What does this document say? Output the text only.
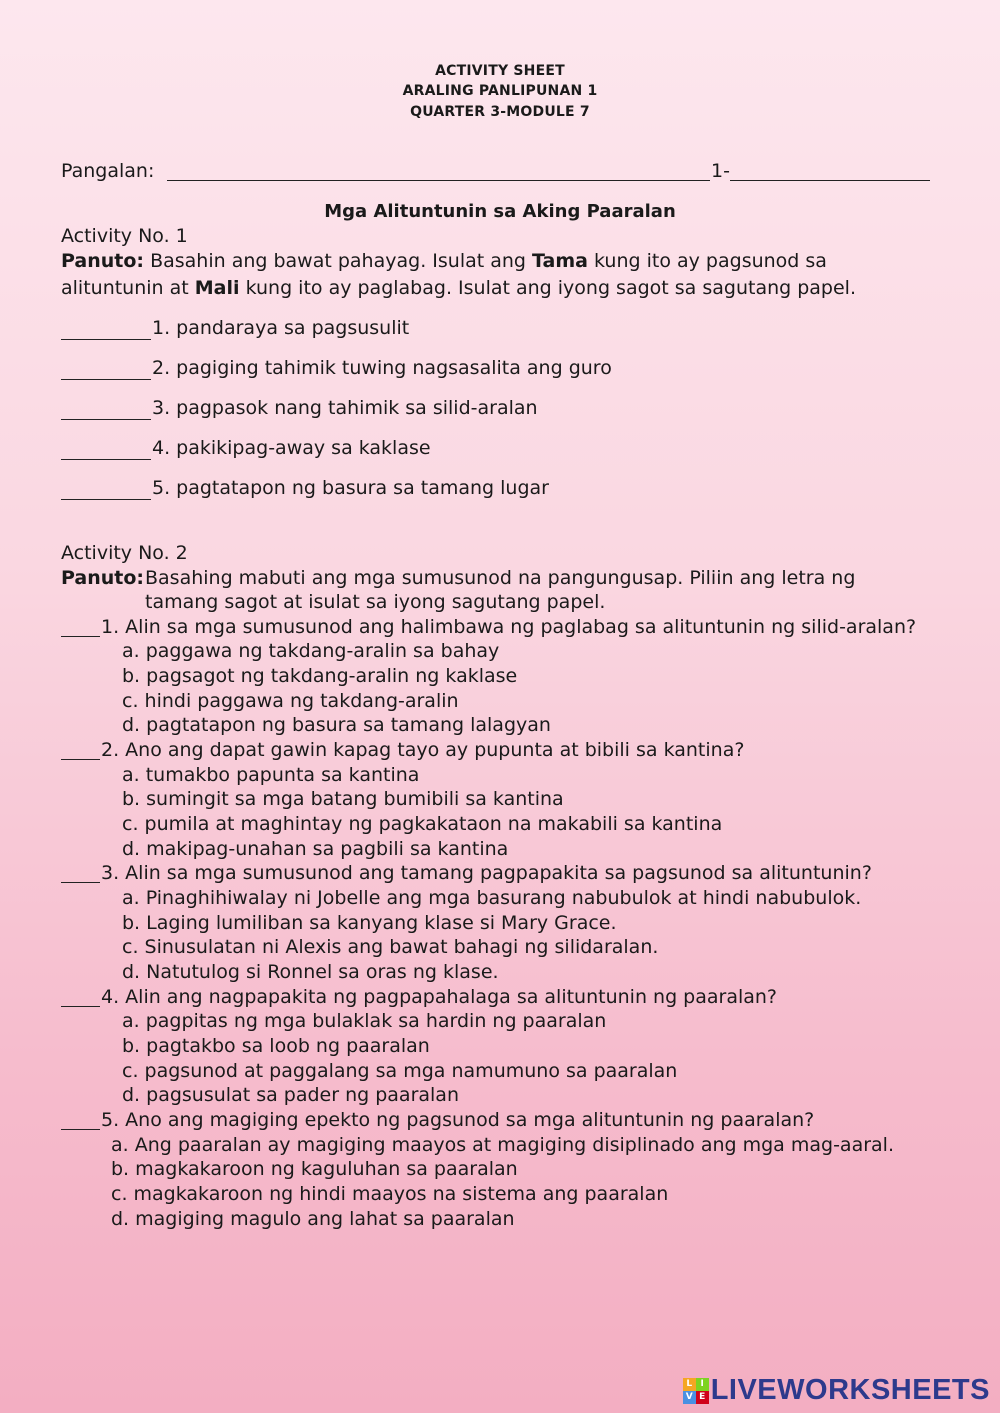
ACTIVITY SHEET
ARALING PANLIPUNAN 1
QUARTER 3-MODULE 7
Pangalan:	1-
Mga Alituntunin sa Aking Paaralan
Activity No. 1
Panuto: Basahin ang bawat pahayag. Isulat ang Tama kung ito ay pagsunod sa
alituntunin at Mali kung ito ay paglabag. Isulat ang iyong sagot sa sagutang papel.
1. pandaraya sa pagsusulit
2. pagiging tahimik tuwing nagsasalita ang guro
3. pagpasok nang tahimik sa silid-aralan
4. pakikipag-away sa kaklase
5. pagtatapon ng basura sa tamang lugar
Activity No. 2
Panuto: Basahing mabuti ang mga sumusunod na pangungusap. Piliin ang letra ng
tamang sagot at isulat sa iyong sagutang papel.
1. Alin sa mga sumusunod ang halimbawa ng paglabag sa alituntunin ng silid-aralan?
a. paggawa ng takdang-aralin sa bahay
b. pagsagot ng takdang-aralin ng kaklase
c. hindi paggawa ng takdang-aralin
d. pagtatapon ng basura sa tamang lalagyan
2. Ano ang dapat gawin kapag tayo ay pupunta at bibili sa kantina?
a. tumakbo papunta sa kantina
b. sumingit sa mga batang bumibili sa kantina
c. pumila at maghintay ng pagkakataon na makabili sa kantina
d. makipag-unahan sa pagbili sa kantina
3. Alin sa mga sumusunod ang tamang pagpapakita sa pagsunod sa alituntunin?
a. Pinaghihiwalay ni Jobelle ang mga basurang nabubulok at hindi nabubulok.
b. Laging lumiliban sa kanyang klase si Mary Grace.
c. Sinusulatan ni Alexis ang bawat bahagi ng silidaralan.
d. Natutulog si Ronnel sa oras ng klase.
4. Alin ang nagpapakita ng pagpapahalaga sa alituntunin ng paaralan?
a. pagpitas ng mga bulaklak sa hardin ng paaralan
b. pagtakbo sa loob ng paaralan
c. pagsunod at paggalang sa mga namumuno sa paaralan
d. pagsusulat sa pader ng paaralan
5. Ano ang magiging epekto ng pagsunod sa mga alituntunin ng paaralan?
a. Ang paaralan ay magiging maayos at magiging disiplinado ang mga mag-aaral.
b. magkakaroon ng kaguluhan sa paaralan
c. magkakaroon ng hindi maayos na sistema ang paaralan
d. magiging magulo ang lahat sa paaralan
L I
V E LIVEWORKSHEETS
